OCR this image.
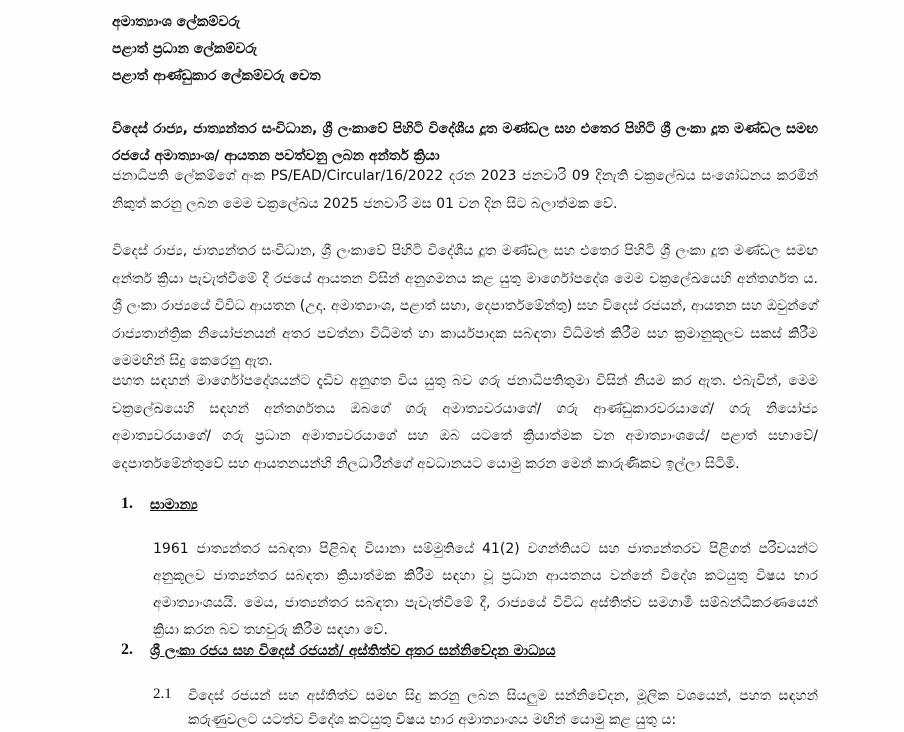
අමාත්‍යාංශ ලේකම්වරු
පළාත් ප්‍රධාන ලේකම්වරු
පළාත් ආණ්ඩුකාර ලේකම්වරු වෙත
විදෙස් රාජ්‍ය, ජාත්‍යන්තර සංවිධාන, ශ්‍රී ලංකාවේ පිහිටි විදේශීය දූත මණ්ඩල සහ එතෙර පිහිටි ශ්‍රී ලංකා දූත මණ්ඩල සමඟ රජයේ අමාත්‍යාංශ/ ආයතන පවත්වනු ලබන අන්තර් ක්‍රියා
ජනාධිපති ලේකම්ගේ අංක PS/EAD/Circular/16/2022 දරන 2023 ජනවාරි 09 දිනැති චක්‍රලේඛය සංශෝධනය කරමින් නිකුත් කරනු ලබන මෙම චක්‍රලේඛය 2025 ජනවාරි මස 01 වන දින සිට බලාත්මක වේ.
විදෙස් රාජ්‍ය, ජාත්‍යන්තර සංවිධාන, ශ්‍රී ලංකාවේ පිහිටි විදේශීය දූත මණ්ඩල සහ එතෙර පිහිටි ශ්‍රී ලංකා දූත මණ්ඩල සමඟ අන්තර් ක්‍රියා පැවැත්වීමේ දී රජයේ ආයතන විසින් අනුගමනය කළ යුතු මාර්ගෝපදේශ මෙම චක්‍රලේඛයෙහි අන්තර්ගත ය. ශ්‍රී ලංකා රාජ්‍යයේ විවිධ ආයතන (උදා. අමාත්‍යාංශ, පළාත් සභා, දෙපාර්තමේන්තු) සහ විදෙස් රජයන්, ආයතන සහ ඔවුන්ගේ රාජ්‍යතාන්ත්‍රික නියෝජනයන් අතර පවත්නා විධිමත් හා කාර්යපාදක සබඳතා විධිමත් කිරීම සහ ක්‍රමානුකූලව සකස් කිරීම මෙමඟින් සිදු කෙරෙනු ඇත.
පහත සඳහන් මාර්ගෝපදේශයන්ට දැඩිව අනුගත විය යුතු බව ගරු ජනාධිපතිතුමා විසින් නියම කර ඇත. එබැවින්, මෙම චක්‍රලේඛයෙහි සඳහන් අන්තර්ගතය ඔබගේ ගරු අමාත්‍යවරයාගේ/ ගරු ආණ්ඩුකාරවරයාගේ/ ගරු නියෝජ්‍ය අමාත්‍යවරයාගේ/ ගරු ප්‍රධාන අමාත්‍යවරයාගේ සහ ඔබ යටතේ ක්‍රියාත්මක වන අමාත්‍යාංශයේ/ පළාත් සභාවේ/ දෙපාර්තමේන්තුවේ සහ ආයතනයන්හි නිලධාරීන්ගේ අවධානයට යොමු කරන මෙන් කාරුණිකව ඉල්ලා සිටිමි.
1. සාමාන්‍ය
1961 ජාත්‍යන්තර සබඳතා පිළිබඳ වියානා සම්මුතියේ 41(2) වගන්තියට සහ ජාත්‍යන්තරව පිළිගත් පරිචයන්ට අනුකූලව ජාත්‍යන්තර සබඳතා ක්‍රියාත්මක කිරීම සඳහා වූ ප්‍රධාන ආයතනය වන්නේ විදේශ කටයුතු විෂය භාර අමාත්‍යාංශයයි. මෙය, ජාත්‍යන්තර සබඳතා පැවැත්වීමේ දී, රාජ්‍යයේ විවිධ අස්තිත්ව සමගාමී සම්බන්ධීකරණයෙන් ක්‍රියා කරන බව තහවුරු කිරීම සඳහා වේ.
2. ශ්‍රී ලංකා රජය සහ විදෙස් රජයන්/ අස්තිත්ව අතර සන්නිවේදන මාධ්‍යය
2.1 විදෙස් රජයන් සහ අස්තිත්ව සමඟ සිදු කරනු ලබන සියලුම සන්නිවේදන, මූලික වශයෙන්, පහත සඳහන් කරුණුවලට යටත්ව විදේශ කටයුතු විෂය භාර අමාත්‍යාංශය මඟින් යොමු කළ යුතු ය:
